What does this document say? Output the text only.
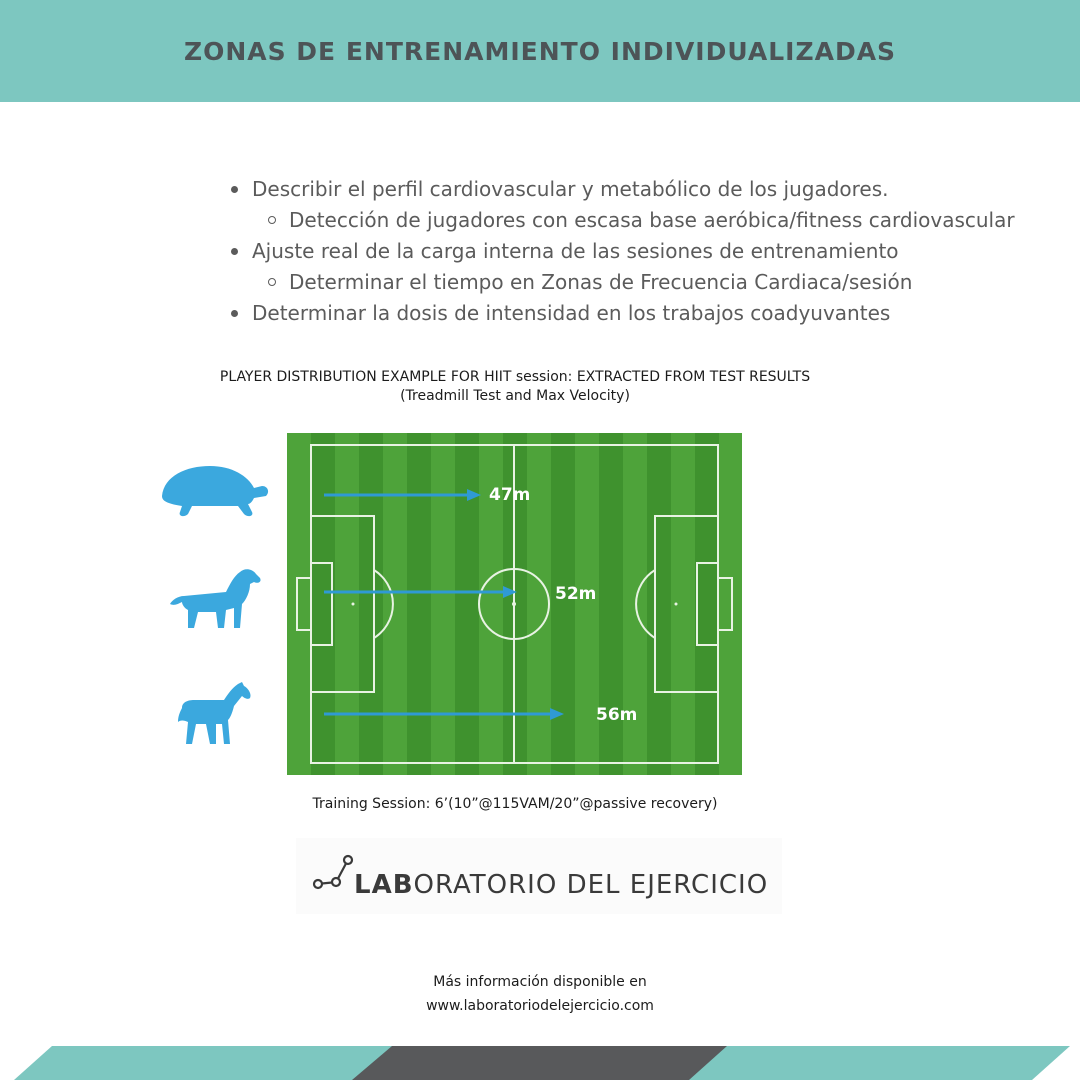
ZONAS DE ENTRENAMIENTO INDIVIDUALIZADAS
Describir el perfil cardiovascular y metabólico de los jugadores.
Detección de jugadores con escasa base aeróbica/fitness cardiovascular
Ajuste real de la carga interna de las sesiones de entrenamiento
Determinar el tiempo en Zonas de Frecuencia Cardiaca/sesión
Determinar la dosis de intensidad en los trabajos coadyuvantes
PLAYER DISTRIBUTION EXAMPLE FOR HIIT session: EXTRACTED FROM TEST RESULTS
(Treadmill Test and Max Velocity)
47m
52m
56m
Training Session: 6’(10”@115VAM/20”@passive recovery)
LABORATORIO DEL EJERCICIO
Más información disponible en
www.laboratoriodelejercicio.com
